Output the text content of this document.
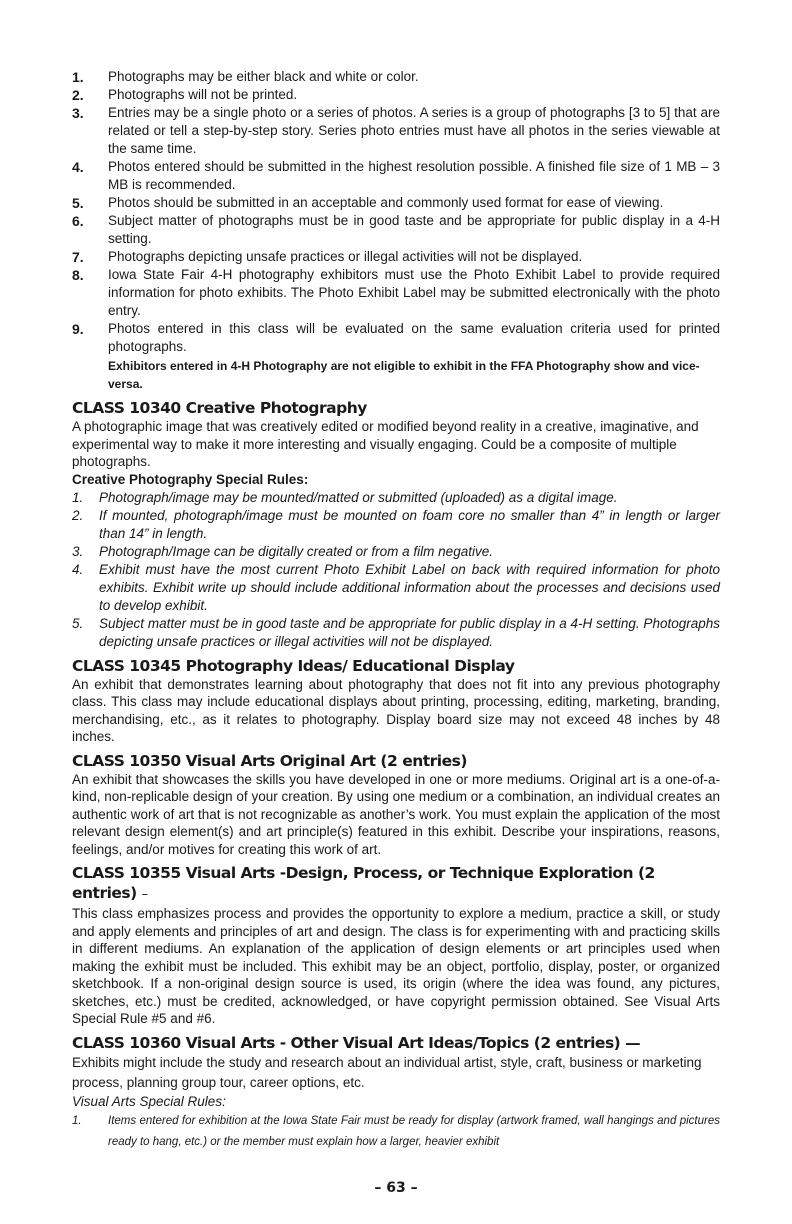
1. Photographs may be either black and white or color.
2. Photographs will not be printed.
3. Entries may be a single photo or a series of photos. A series is a group of photographs [3 to 5] that are related or tell a step-by-step story. Series photo entries must have all photos in the series viewable at the same time.
4. Photos entered should be submitted in the highest resolution possible. A finished file size of 1 MB – 3 MB is recommended.
5. Photos should be submitted in an acceptable and commonly used format for ease of viewing.
6. Subject matter of photographs must be in good taste and be appropriate for public display in a 4-H setting.
7. Photographs depicting unsafe practices or illegal activities will not be displayed.
8. Iowa State Fair 4-H photography exhibitors must use the Photo Exhibit Label to provide required information for photo exhibits. The Photo Exhibit Label may be submitted electronically with the photo entry.
9. Photos entered in this class will be evaluated on the same evaluation criteria used for printed photographs.
Exhibitors entered in 4-H Photography are not eligible to exhibit in the FFA Photography show and vice-versa.
CLASS 10340 Creative Photography

A photographic image that was creatively edited or modified beyond reality in a creative, imaginative, and experimental way to make it more interesting and visually engaging. Could be a composite of multiple photographs.

Creative Photography Special Rules:
1. Photograph/image may be mounted/matted or submitted (uploaded) as a digital image.
2. If mounted, photograph/image must be mounted on foam core no smaller than 4” in length or larger than 14” in length.
3. Photograph/Image can be digitally created or from a film negative.
4. Exhibit must have the most current Photo Exhibit Label on back with required information for photo exhibits. Exhibit write up should include additional information about the processes and decisions used to develop exhibit.
5. Subject matter must be in good taste and be appropriate for public display in a 4-H setting. Photographs depicting unsafe practices or illegal activities will not be displayed.
CLASS 10345 Photography Ideas/ Educational Display

An exhibit that demonstrates learning about photography that does not fit into any previous photography class. This class may include educational displays about printing, processing, editing, marketing, branding, merchandising, etc., as it relates to photography. Display board size may not exceed 48 inches by 48 inches.

CLASS 10350 Visual Arts Original Art (2 entries)

An exhibit that showcases the skills you have developed in one or more mediums. Original art is a one-of-a-kind, non-replicable design of your creation. By using one medium or a combination, an individual creates an authentic work of art that is not recognizable as another’s work. You must explain the application of the most relevant design element(s) and art principle(s) featured in this exhibit. Describe your inspirations, reasons, feelings, and/or motives for creating this work of art.

CLASS 10355 Visual Arts -Design, Process, or Technique Exploration (2 entries) –

This class emphasizes process and provides the opportunity to explore a medium, practice a skill, or study and apply elements and principles of art and design. The class is for experimenting with and practicing skills in different mediums. An explanation of the application of design elements or art principles used when making the exhibit must be included. This exhibit may be an object, portfolio, display, poster, or organized sketchbook. If a non-original design source is used, its origin (where the idea was found, any pictures, sketches, etc.) must be credited, acknowledged, or have copyright permission obtained. See Visual Arts Special Rule #5 and #6.

CLASS 10360 Visual Arts - Other Visual Art Ideas/Topics (2 entries) —

Exhibits might include the study and research about an individual artist, style, craft, business or marketing process, planning group tour, career options, etc.

Visual Arts Special Rules:
1. Items entered for exhibition at the Iowa State Fair must be ready for display (artwork framed, wall hangings and pictures ready to hang, etc.) or the member must explain how a larger, heavier exhibit
– 63 –
